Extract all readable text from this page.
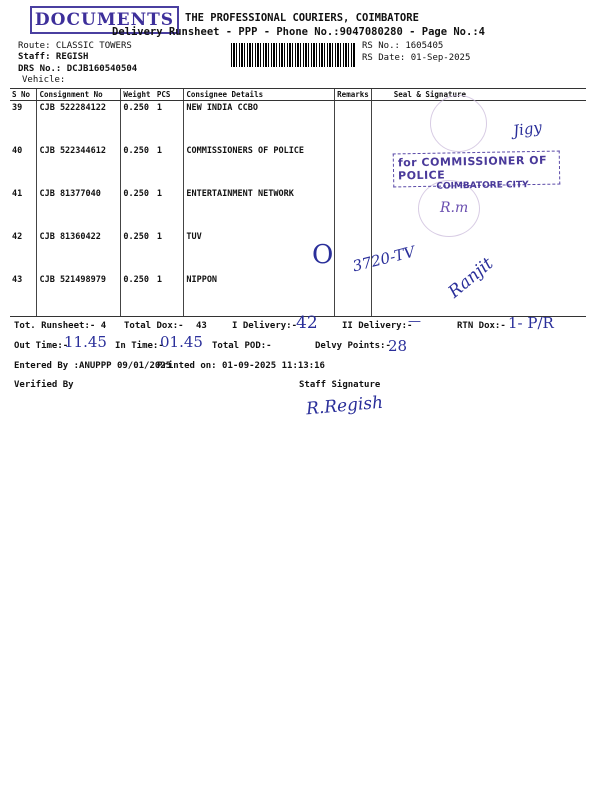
DOCUMENTS	THE PROFESSIONAL COURIERS, COIMBATORE
Delivery Runsheet - PPP - Phone No.:9047080280 - Page No.:4
Route: CLASSIC TOWERS
Staff: REGISH
DRS No.: DCJB160540504
Vehicle:
RS No.: 1605405
RS Date: 01-Sep-2025
S No	Consignment No	Weight	PCS	Consignee Details	Remarks	Seal & Signature
39	CJB 522284122	0.250	1	NEW INDIA CCBO		
40	CJB 522344612	0.250	1	COMMISSIONERS OF POLICE		
41	CJB 81377040	0.250	1	ENTERTAINMENT NETWORK		
42	CJB 81360422	0.250	1	TUV		
43	CJB 521498979	0.250	1	NIPPON		
Jigy
for COMMISSIONER OF POLICE
COIMBATORE CITY
R.m
O 3720-TV Ranjit
Tot. Runsheet:- 4 Total Dox:- 43	I Delivery:-
42	II Delivery:-
—	RTN Dox:- 1- P/R
Out Time:-
11.45 In Time:-
01.45 Total POD:-	Delvy Points:-
28
Entered By :ANUPPP 09/01/2025
Printed on: 01-09-2025 11:13:16
Verified By	Staff Signature
R.Regish
